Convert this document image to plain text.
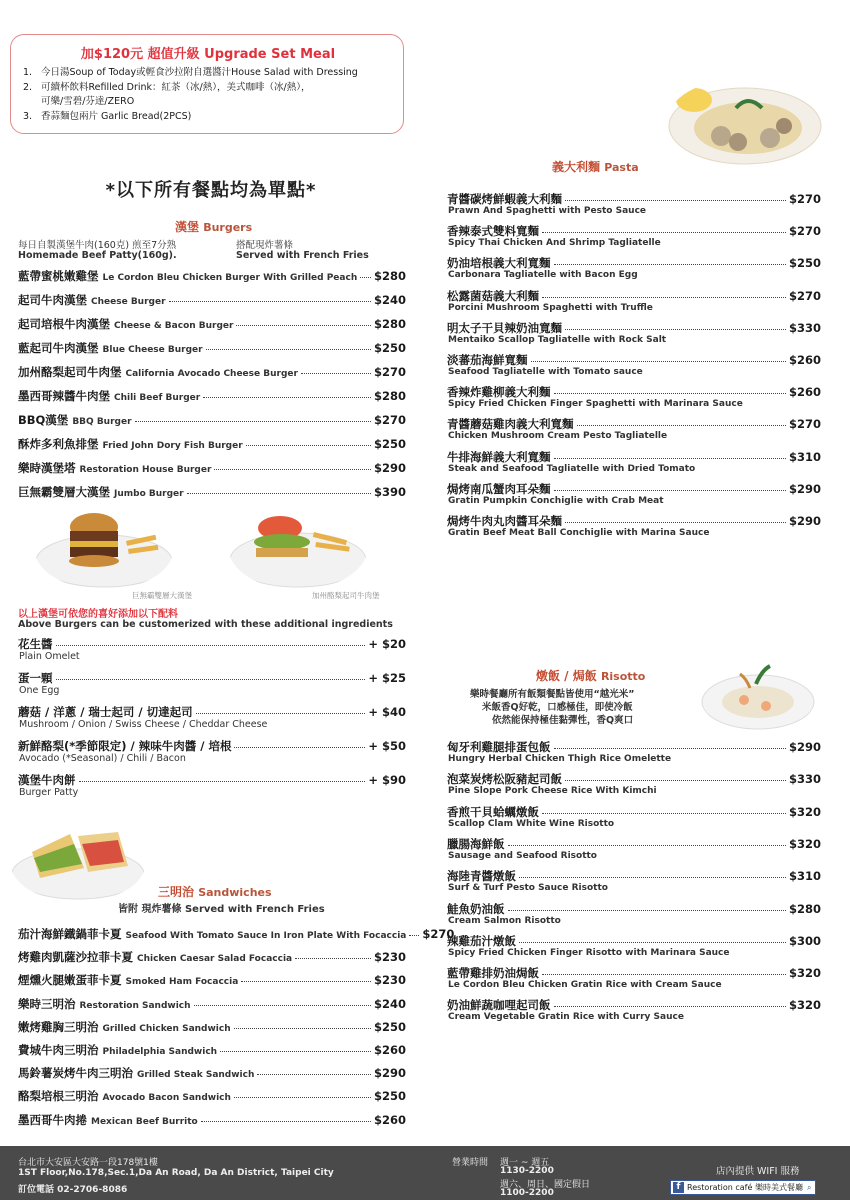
加$120元 超值升級 Upgrade Set Meal
1. 今日湯Soup of Today或輕食沙拉附自選醬汁House Salad with Dressing
2. 可續杯飲料Refilled Drink：紅茶（冰/熱），美式咖啡（冰/熱），
可樂/雪碧/芬達/ZERO
3. 香蒜麵包兩片 Garlic Bread(2PCS)
義大利麵 Pasta
*以下所有餐點均為單點*
漢堡 Burgers
每日自製漢堡牛肉(160克) 煎至7分熟
Homemade Beef Patty(160g).
搭配現炸薯條
Served with French Fries
藍帶蜜桃嫩雞堡 Le Cordon Bleu Chicken Burger With Grilled Peach $280
起司牛肉漢堡 Cheese Burger	$240
起司培根牛肉漢堡 Cheese & Bacon Burger	$280
藍起司牛肉漢堡 Blue Cheese Burger	$250
加州酪梨起司牛肉堡 California Avocado Cheese Burger	$270
墨西哥辣醬牛肉堡 Chili Beef Burger	$280
BBQ漢堡 BBQ Burger	$270
酥炸多利魚排堡 Fried John Dory Fish Burger	$250
樂時漢堡塔 Restoration House Burger	$290
巨無霸雙層大漢堡 Jumbo Burger	$390
巨無霸雙層大漢堡	加州酪梨起司牛肉堡
以上漢堡可依您的喜好添加以下配料
Above Burgers can be customerized with these additional ingredients
花生醬	+ $20
Plain Omelet
蛋一顆	+ $25
One Egg
蘑菇 / 洋蔥 / 瑞士起司 / 切達起司	+ $40
Mushroom / Onion / Swiss Cheese / Cheddar Cheese
新鮮酪梨(*季節限定) / 辣味牛肉醬 / 培根	+ $50
Avocado (*Seasonal) / Chili / Bacon
漢堡牛肉餅	+ $90
Burger Patty
三明治 Sandwiches
皆附 現炸薯條 Served with French Fries
茄汁海鮮鐵鍋菲卡夏 Seafood With Tomato Sauce In Iron Plate With Focaccia $270
烤雞肉凱薩沙拉菲卡夏 Chicken Caesar Salad Focaccia	$230
煙燻火腿嫩蛋菲卡夏 Smoked Ham Focaccia	$230
樂時三明治 Restoration Sandwich	$240
嫩烤雞胸三明治 Grilled Chicken Sandwich	$250
費城牛肉三明治 Philadelphia Sandwich	$260
馬鈴薯炭烤牛肉三明治 Grilled Steak Sandwich	$290
酪梨培根三明治 Avocado Bacon Sandwich	$250
墨西哥牛肉捲 Mexican Beef Burrito	$260
青醬碳烤鮮蝦義大利麵	$270
Prawn And Spaghetti with Pesto Sauce
香辣泰式雙料寬麵	$270
Spicy Thai Chicken And Shrimp Tagliatelle
奶油培根義大利寬麵	$250
Carbonara Tagliatelle with Bacon Egg
松露菌菇義大利麵	$270
Porcini Mushroom Spaghetti with Truffle
明太子干貝辣奶油寬麵	$330
Mentaiko Scallop Tagliatelle with Rock Salt
淡蕃茄海鮮寬麵	$260
Seafood Tagliatelle with Tomato sauce
香辣炸雞柳義大利麵	$260
Spicy Fried Chicken Finger Spaghetti with Marinara Sauce
青醬蘑菇雞肉義大利寬麵	$270
Chicken Mushroom Cream Pesto Tagliatelle
牛排海鮮義大利寬麵	$310
Steak and Seafood Tagliatelle with Dried Tomato
焗烤南瓜蟹肉耳朵麵	$290
Gratin Pumpkin Conchiglie with Crab Meat
焗烤牛肉丸肉醬耳朵麵	$290
Gratin Beef Meat Ball Conchiglie with Marina Sauce
燉飯 / 焗飯 Risotto
樂時餐廳所有飯類餐點皆使用“越光米”
米飯香Q好乾，口感極佳，即使冷飯
依然能保持極佳黏彈性，香Q爽口
匈牙利雞腿排蛋包飯	$290
Hungry Herbal Chicken Thigh Rice Omelette
泡菜炭烤松阪豬起司飯	$330
Pine Slope Pork Cheese Rice With Kimchi
香煎干貝蛤蠣燉飯	$320
Scallop Clam White Wine Risotto
臘腸海鮮飯	$320
Sausage and Seafood Risotto
海陸青醬燉飯	$310
Surf & Turf Pesto Sauce Risotto
鮭魚奶油飯	$280
Cream Salmon Risotto
辣雞茄汁燉飯	$300
Spicy Fried Chicken Finger Risotto with Marinara Sauce
藍帶雞排奶油焗飯	$320
Le Cordon Bleu Chicken Gratin Rice with Cream Sauce
奶油鮮蔬咖哩起司飯	$320
Cream Vegetable Gratin Rice with Curry Sauce
台北市大安區大安路一段178號1樓
1ST Floor,No.178,Sec.1,Da An Road, Da An District, Taipei City
訂位電話 02-2706-8086
營業時間 週一 ~ 週五
1130-2200
週六、周日、國定假日
1100-2200
店內提供 WIFI 服務
f Restoration café 樂時美式餐廳 ⌕
